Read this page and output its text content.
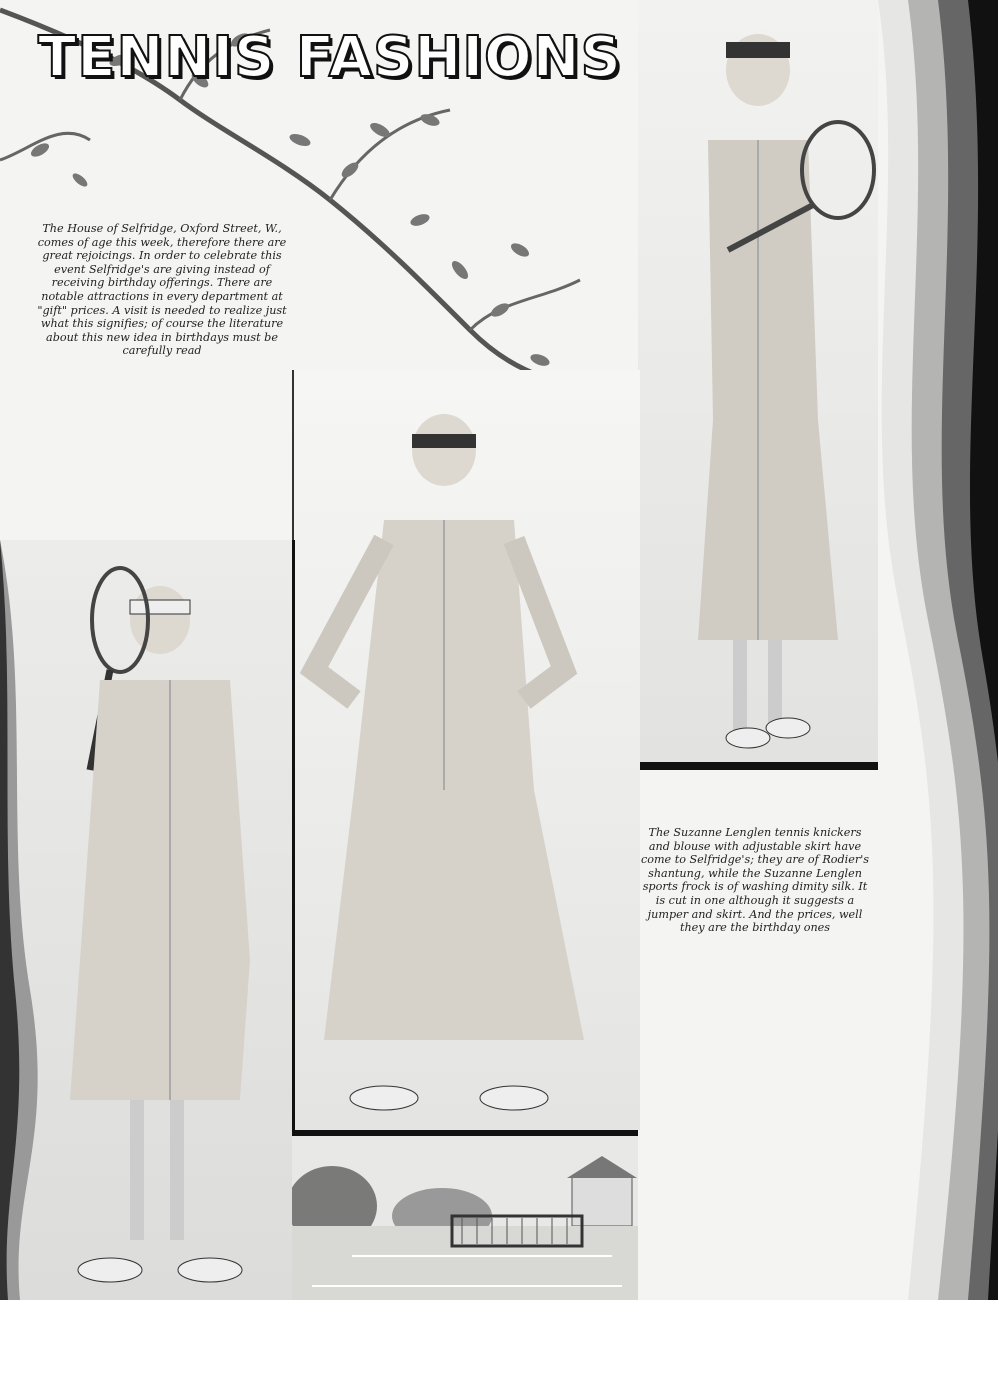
TENNIS FASHIONS
The House of Selfridge, Oxford Street, W., comes of age this week, therefore there are great rejoicings. In order to celebrate this event Selfridge's are giving instead of receiving birthday offerings. There are notable attractions in every department at "gift" prices. A visit is needed to realize just what this signifies; of course the literature about this new idea in birthdays must be carefully read
The Suzanne Lenglen tennis knickers and blouse with adjustable skirt have come to Selfridge's; they are of Rodier's shantung, while the Suzanne Lenglen sports frock is of washing dimity silk. It is cut in one although it suggests a jumper and skirt. And the prices, well they are the birthday ones
